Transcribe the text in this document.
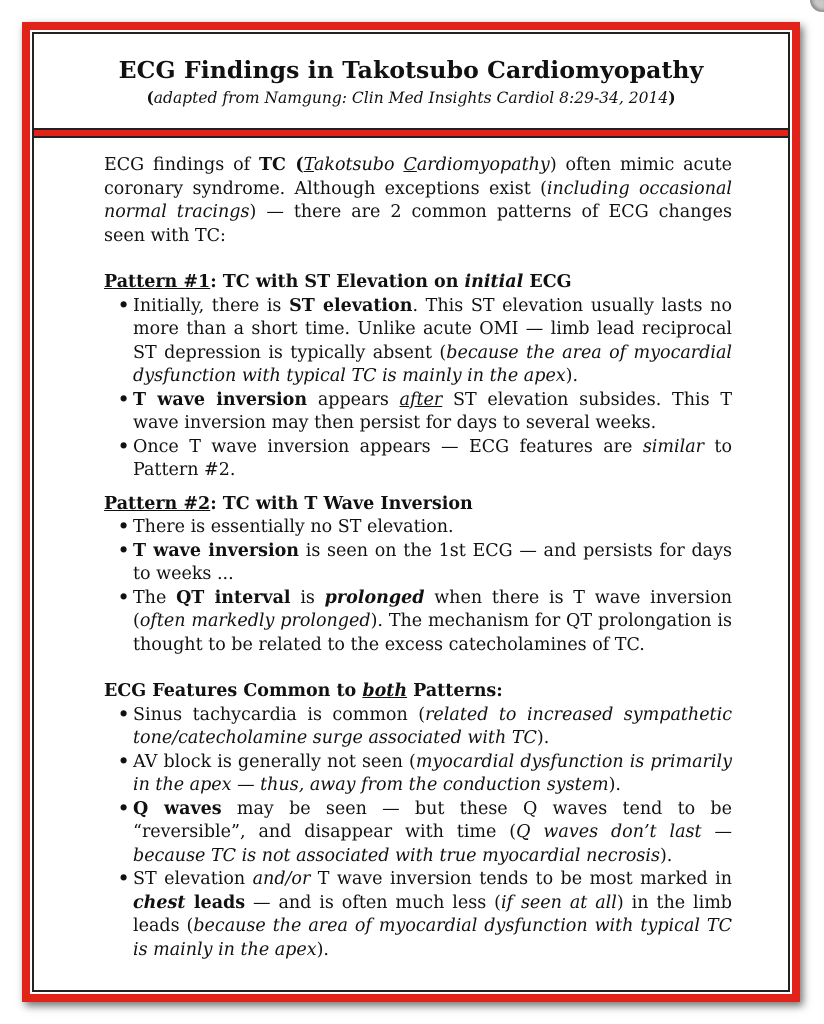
ECG Findings in Takotsubo Cardiomyopathy
(adapted from Namgung: Clin Med Insights Cardiol 8:29-34, 2014)

ECG findings of TC (Takotsubo Cardiomyopathy) often mimic acute coronary syndrome. Although exceptions exist (including occasional normal tracings) — there are 2 common patterns of ECG changes seen with TC:

Pattern #1: TC with ST Elevation on initial ECG
• Initially, there is ST elevation. This ST elevation usually lasts no more than a short time. Unlike acute OMI — limb lead reciprocal ST depression is typically absent (because the area of myocardial dysfunction with typical TC is mainly in the apex).
• T wave inversion appears after ST elevation subsides. This T wave inversion may then persist for days to several weeks.
• Once T wave inversion appears — ECG features are similar to Pattern #2.
Pattern #2: TC with T Wave Inversion
• There is essentially no ST elevation.
• T wave inversion is seen on the 1st ECG — and persists for days to weeks ...
• The QT interval is prolonged when there is T wave inversion (often markedly prolonged). The mechanism for QT prolongation is thought to be related to the excess catecholamines of TC.
ECG Features Common to both Patterns:
• Sinus tachycardia is common (related to increased sympathetic tone/catecholamine surge associated with TC).
• AV block is generally not seen (myocardial dysfunction is primarily in the apex — thus, away from the conduction system).
• Q waves may be seen — but these Q waves tend to be “reversible”, and disappear with time (Q waves don’t last — because TC is not associated with true myocardial necrosis).
• ST elevation and/or T wave inversion tends to be most marked in chest leads — and is often much less (if seen at all) in the limb leads (because the area of myocardial dysfunction with typical TC is mainly in the apex).
